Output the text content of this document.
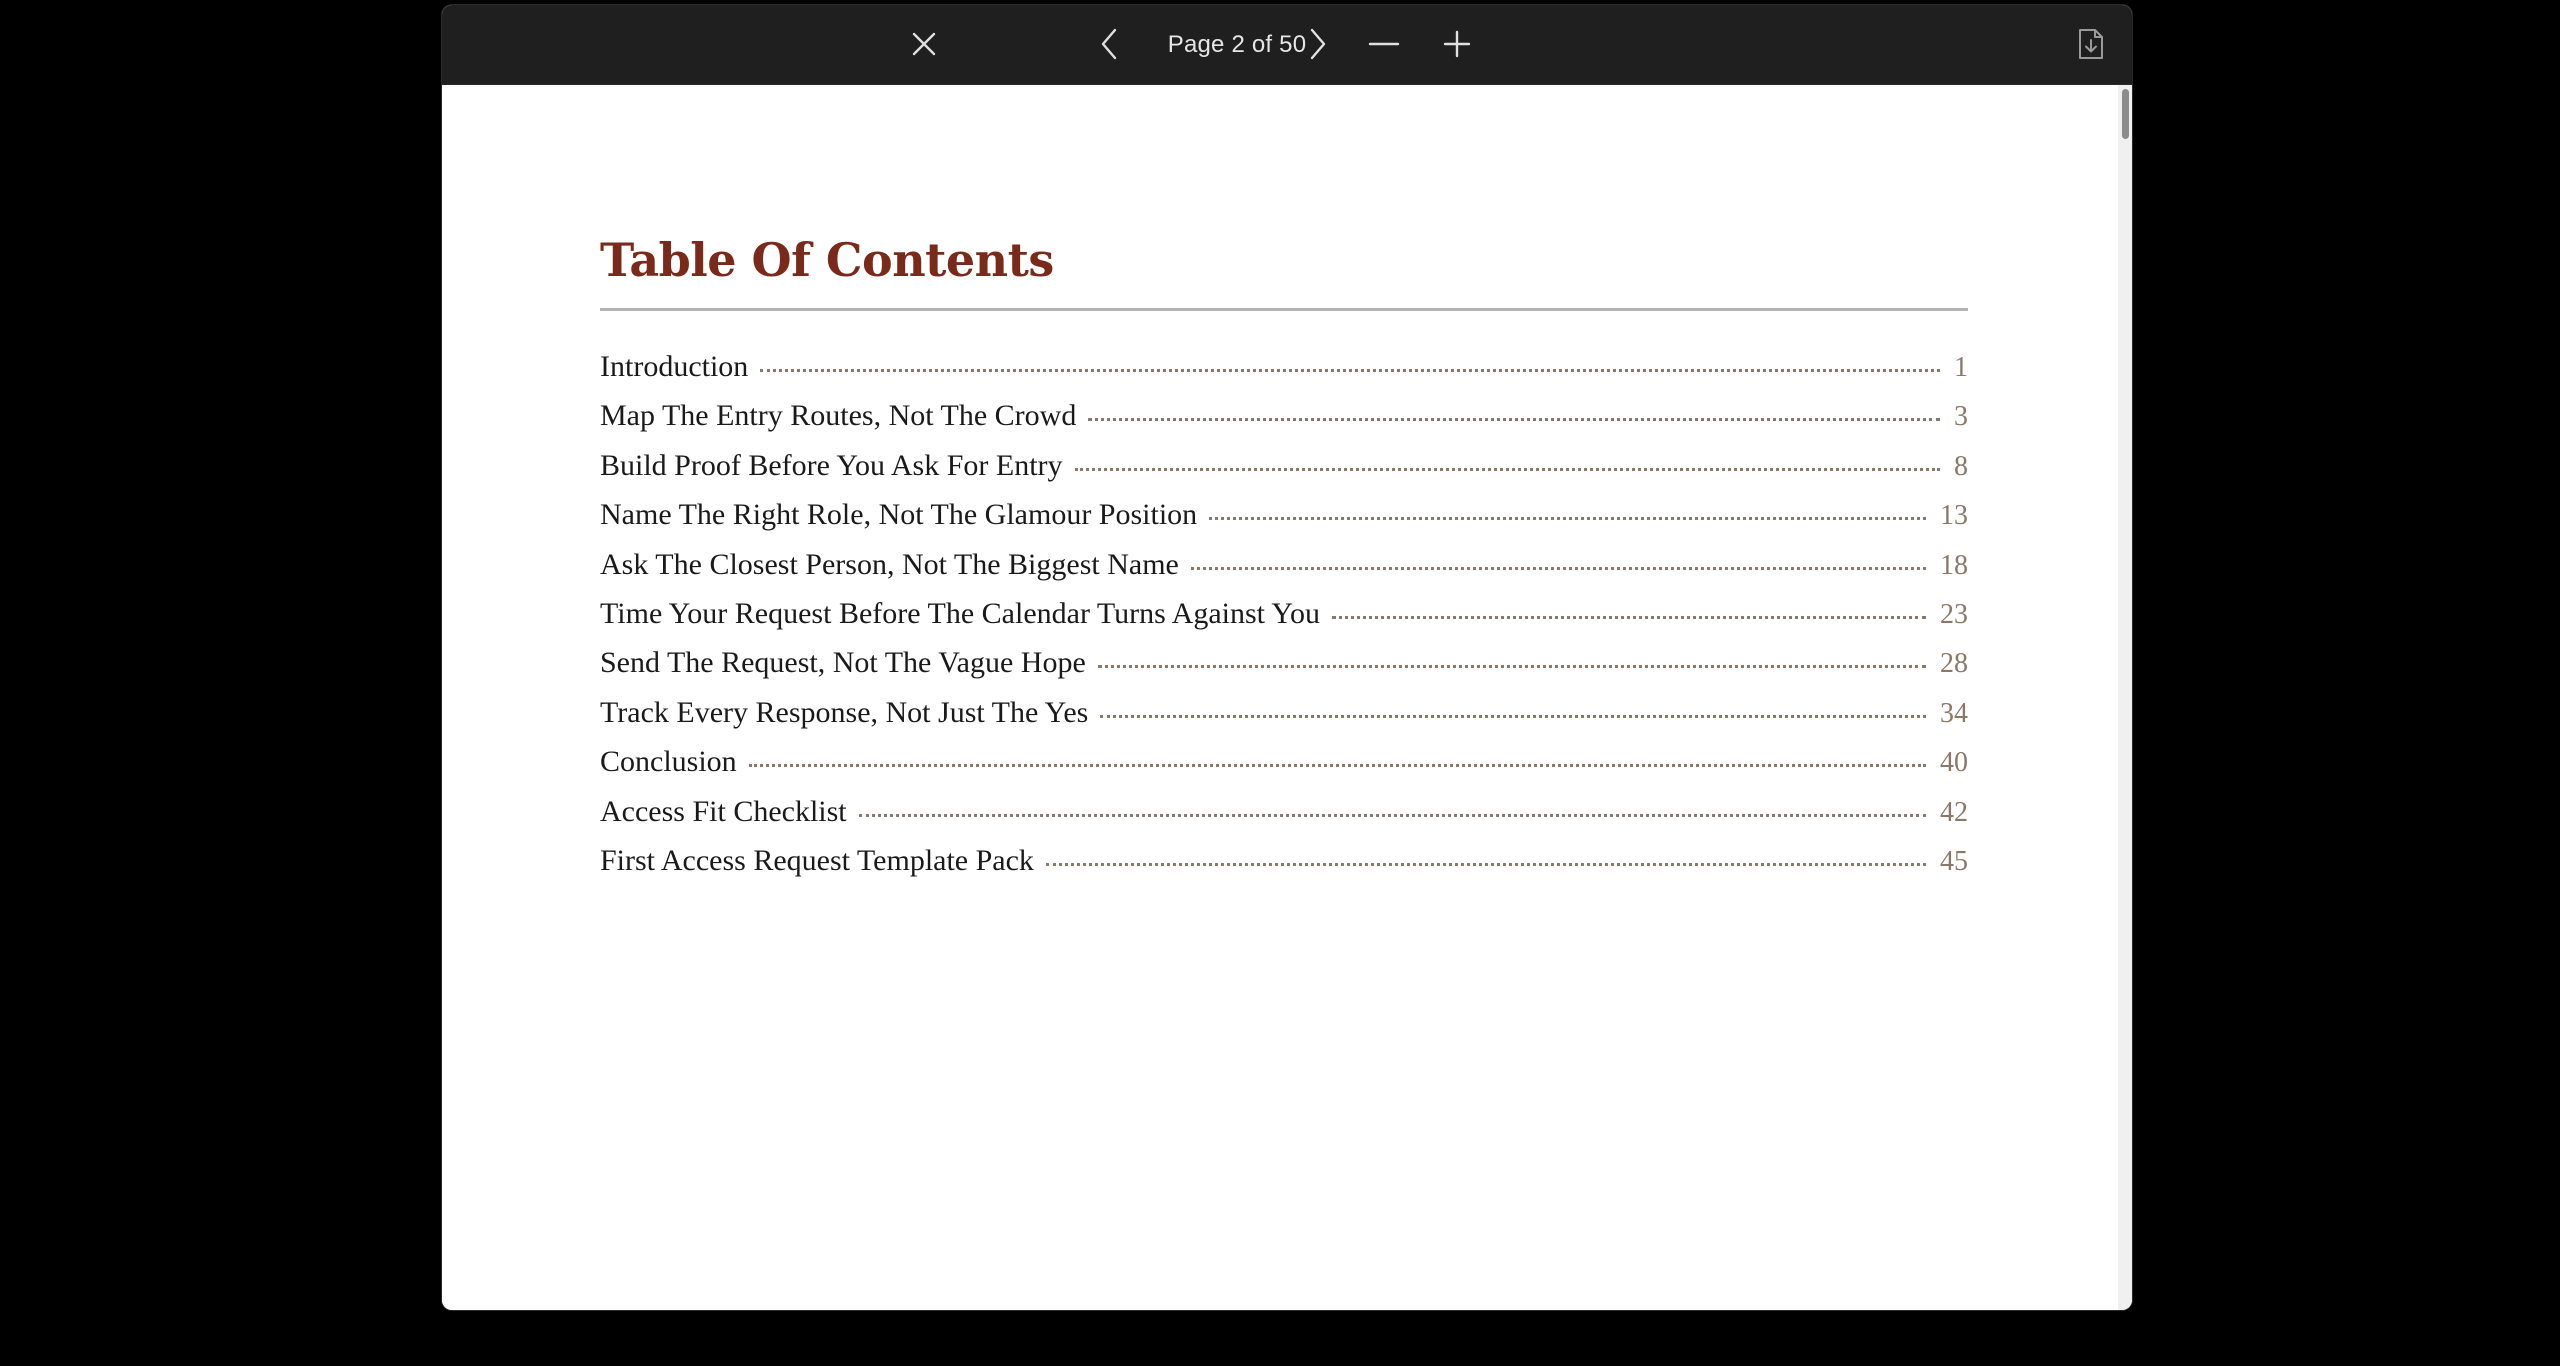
Page 2 of 50
Table Of Contents
Introduction	1
Map The Entry Routes, Not The Crowd	3
Build Proof Before You Ask For Entry	8
Name The Right Role, Not The Glamour Position	13
Ask The Closest Person, Not The Biggest Name	18
Time Your Request Before The Calendar Turns Against You	23
Send The Request, Not The Vague Hope	28
Track Every Response, Not Just The Yes	34
Conclusion	40
Access Fit Checklist	42
First Access Request Template Pack	45
